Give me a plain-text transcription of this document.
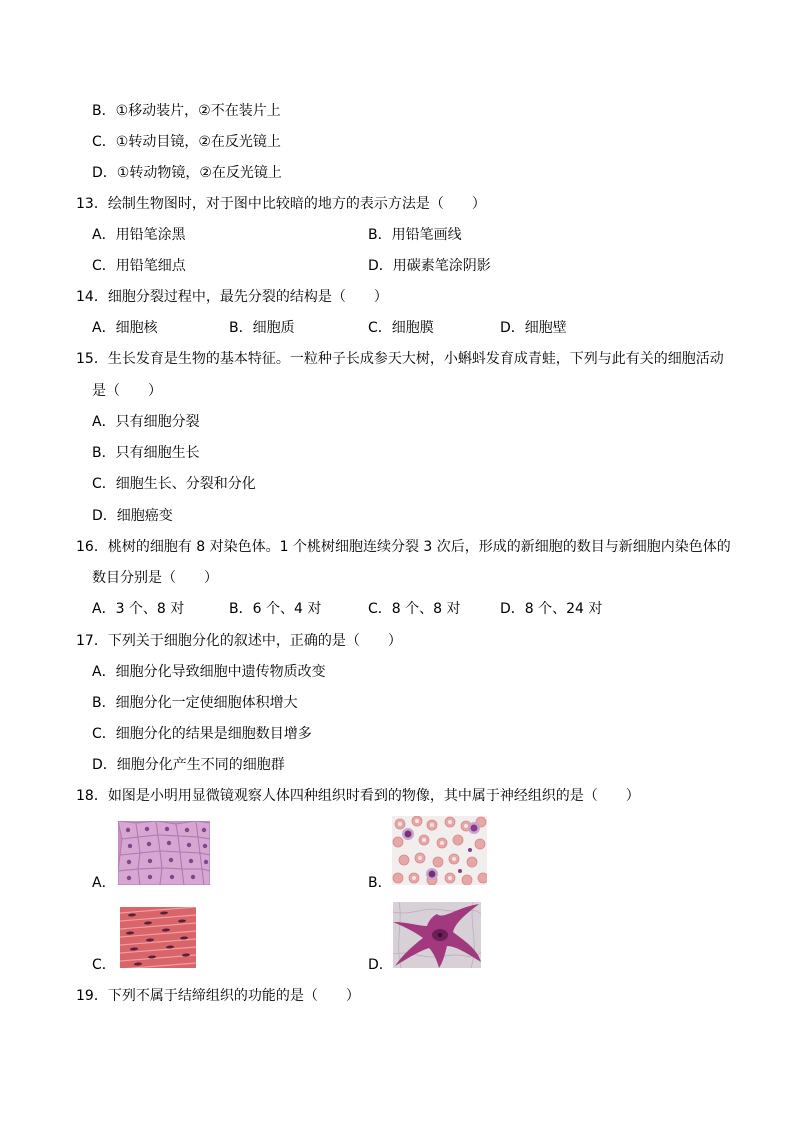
B．①移动装片，②不在装片上
C．①转动目镜，②在反光镜上
D．①转动物镜，②在反光镜上
13．绘制生物图时，对于图中比较暗的地方的表示方法是（　　）
A．用铅笔涂黑	B．用铅笔画线
C．用铅笔细点	D．用碳素笔涂阴影
14．细胞分裂过程中，最先分裂的结构是（　　）
A．细胞核	B．细胞质	C．细胞膜	D．细胞壁
15．生长发育是生物的基本特征。一粒种子长成参天大树，小蝌蚪发育成青蛙，下列与此有关的细胞活动
是（　　）
A．只有细胞分裂
B．只有细胞生长
C．细胞生长、分裂和分化
D．细胞癌变
16．桃树的细胞有 8 对染色体。1 个桃树细胞连续分裂 3 次后，形成的新细胞的数目与新细胞内染色体的
数目分别是（　　）
A．3 个、8 对	B．6 个、4 对	C．8 个、8 对	D．8 个、24 对
17．下列关于细胞分化的叙述中，正确的是（　　）
A．细胞分化导致细胞中遗传物质改变
B．细胞分化一定使细胞体积增大
C．细胞分化的结果是细胞数目增多
D．细胞分化产生不同的细胞群
18．如图是小明用显微镜观察人体四种组织时看到的物像，其中属于神经组织的是（　　）
A．	B．
C．	D．
19．下列不属于结缔组织的功能的是（　　）
